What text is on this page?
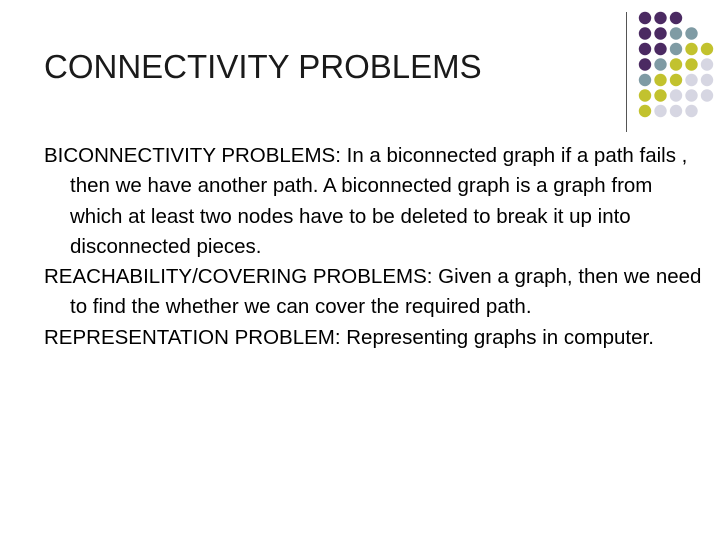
CONNECTIVITY PROBLEMS

BICONNECTIVITY PROBLEMS: In a biconnected graph if a path fails , then we have another path. A biconnected graph is a graph from which at least two nodes have to be deleted to break it up into disconnected pieces.

REACHABILITY/COVERING PROBLEMS: Given a graph, then we need to find the whether we can cover the required path.

REPRESENTATION PROBLEM: Representing graphs in computer.
